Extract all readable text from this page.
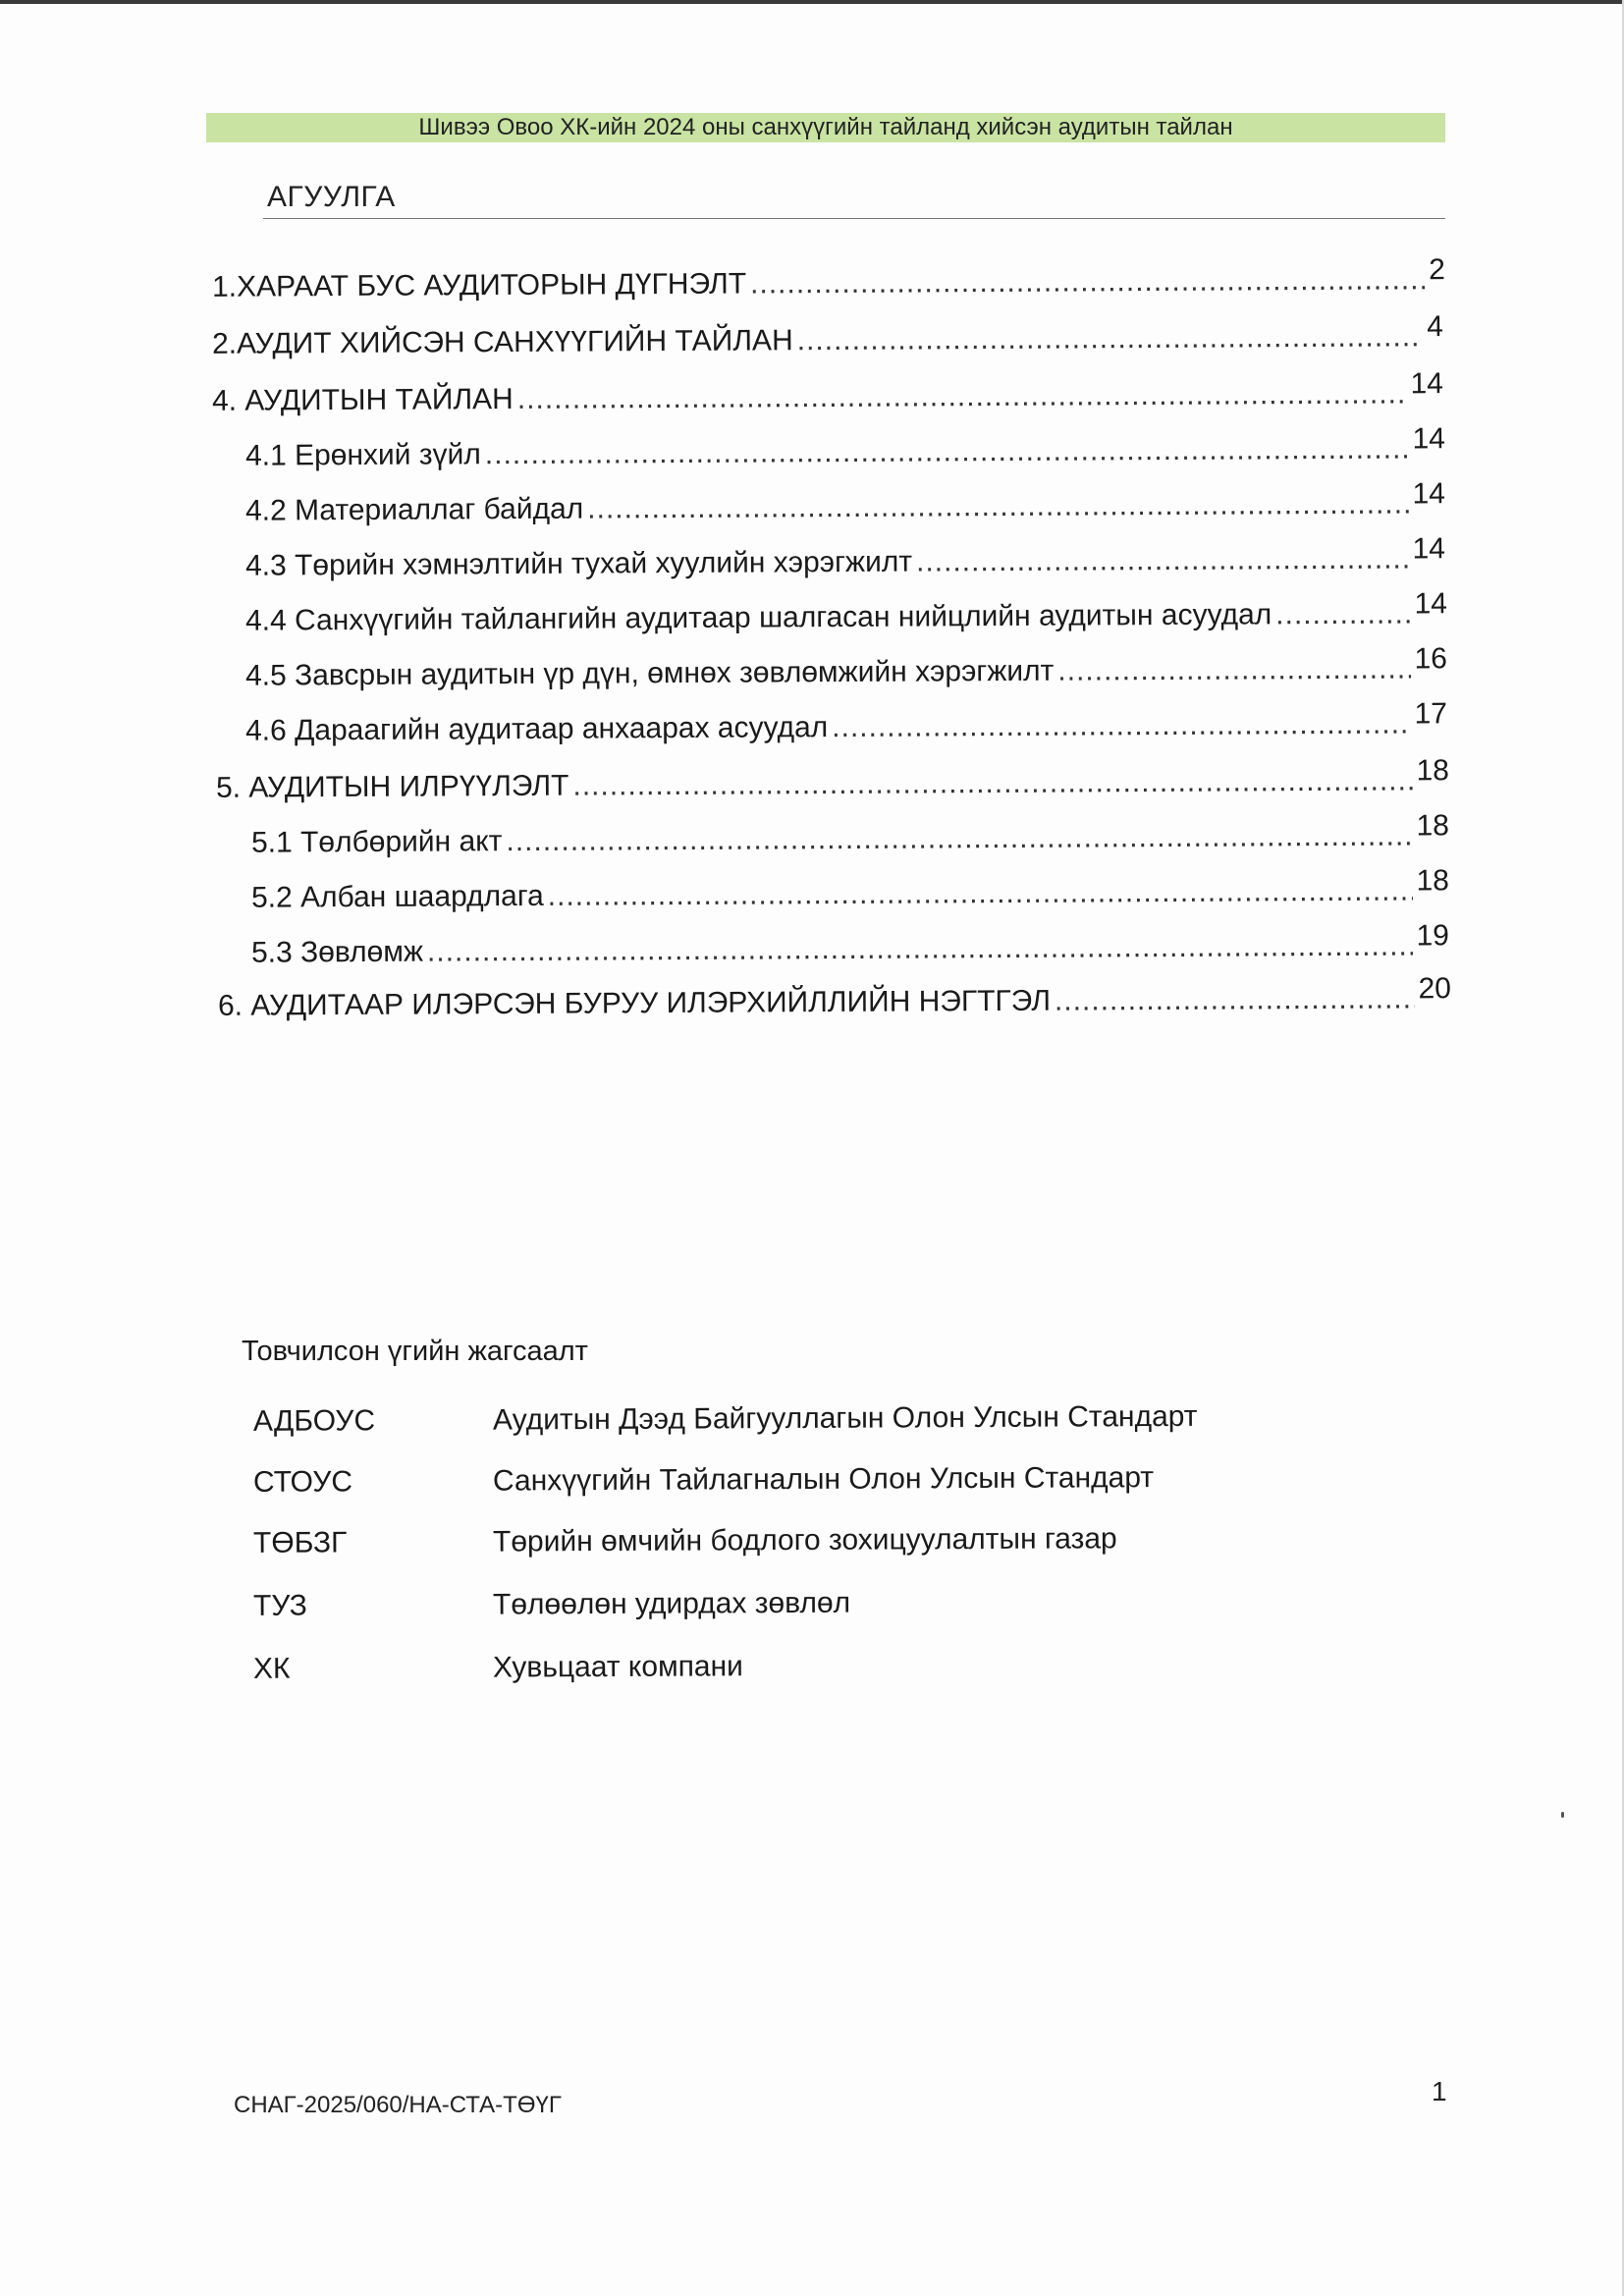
Шивээ Овоо ХК-ийн 2024 оны санхүүгийн тайланд хийсэн аудитын тайлан
АГУУЛГА
1.ХАРААТ БУС АУДИТОРЫН ДҮГНЭЛТ .....	2
2.АУДИТ ХИЙСЭН САНХҮҮГИЙН ТАЙЛАН .....	4
4. АУДИТЫН ТАЙЛАН .....	14
4.1 Ерөнхий зүйл .....	14
4.2 Материаллаг байдал .....	14
4.3 Төрийн хэмнэлтийн тухай хуулийн хэрэгжилт .....	14
4.4 Санхүүгийн тайлангийн аудитаар шалгасан нийцлийн аудитын асуудал .....	14
4.5 Завсрын аудитын үр дүн, өмнөх зөвлөмжийн хэрэгжилт .....	16
4.6 Дараагийн аудитаар анхаарах асуудал .....	17
5. АУДИТЫН ИЛРҮҮЛЭЛТ .....	18
5.1 Төлбөрийн акт .....	18
5.2 Албан шаардлага .....	18
5.3 Зөвлөмж .....	19
6. АУДИТААР ИЛЭРСЭН БУРУУ ИЛЭРХИЙЛЛИЙН НЭГТГЭЛ .....	20
Товчилсон үгийн жагсаалт
АДБОУС	Аудитын Дээд Байгууллагын Олон Улсын Стандарт
СТОУС	Санхүүгийн Тайлагналын Олон Улсын Стандарт
ТӨБЗГ	Төрийн өмчийн бодлого зохицуулалтын газар
ТУЗ	Төлөөлөн удирдах зөвлөл
ХК	Хувьцаат компани
СНАГ-2025/060/НА-СТА-ТӨҮГ	1
